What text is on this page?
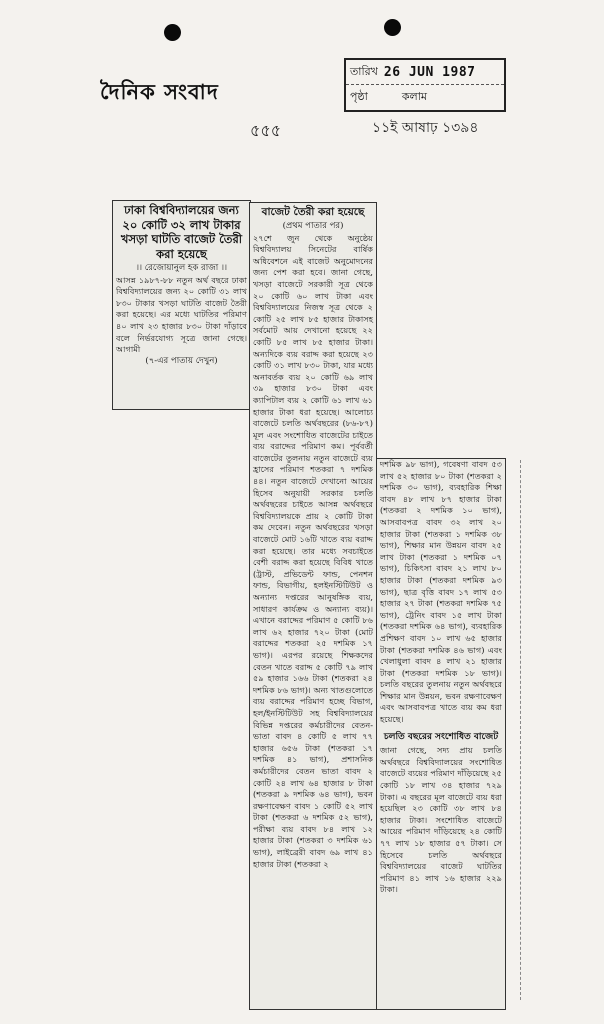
দৈনিক সংবাদ
তারিখ 26 JUN 1987
পৃষ্ঠা	কলাম
৫৫৫	১১ই আষাঢ় ১৩৯৪

ঢাকা বিশ্ববিদ্যালয়ের জন্য ২০ কোটি ৩২ লাখ টাকার খসড়া ঘাটতি বাজেট তৈরী করা হয়েছে

।। রেজোয়ানুল হক রাজা ।।

আসন্ন ১৯৮৭-৮৮ নতুন অর্থ বছরে ঢাকা বিশ্ববিদ্যালয়ের জন্য ২০ কোটি ৩১ লাখ ৮৩০ টাকার খসড়া ঘাটতি বাজেট তৈরী করা হয়েছে। এর মধ্যে ঘাটতির পরিমাণ ৪০ লাখ ২৩ হাজার ৮৩০ টাকা দাঁড়াবে বলে নির্ভরযোগ্য সূত্রে জানা গেছে। আগামী

(৭-এর পাতায় দেখুন)

বাজেট তৈরী করা হয়েছে

(প্রথম পাতার পর)

২৭শে জুন থেকে অনুষ্ঠেয় বিশ্ববিদ্যালয় সিনেটের বার্ষিক অধিবেশনে এই বাজেট অনুমোদনের জন্য পেশ করা হবে। জানা গেছে, খসড়া বাজেটে সরকারী সূত্র থেকে ২০ কোটি ৬০ লাখ টাকা এবং বিশ্ববিদ্যালয়ের নিজস্ব সূত্র থেকে ২ কোটি ২৫ লাখ ৮৫ হাজার টাকাসহ সর্বমোট আয় দেখানো হয়েছে ২২ কোটি ৮৫ লাখ ৮৫ হাজার টাকা। অন্যদিকে ব্যয় বরাদ্দ করা হয়েছে ২৩ কোটি ৩১ লাখ ৮৩০ টাকা, যার মধ্যে অনাবর্তক ব্যয় ২০ কোটি ৬৯ লাখ ৩৯ হাজার ৮৩০ টাকা এবং ক্যাপিটাল ব্যয় ২ কোটি ৬১ লাখ ৬১ হাজার টাকা ধরা হয়েছে। আলোচ্য বাজেটে চলতি অর্থবছরের (৮৬-৮৭) মূল এবং সংশোধিত বাজেটের চাইতে ব্যয় বরাদ্দের পরিমাণ কম। পূর্ববর্তী বাজেটের তুলনায় নতুন বাজেটে ব্যয় হ্রাসের পরিমাণ শতকরা ৭ দশমিক ৪৪। নতুন বাজেটে দেখানো আয়ের হিসেব অনুযায়ী সরকার চলতি অর্থবছরের চাইতে আসন্ন অর্থবছরে বিশ্ববিদ্যালয়কে প্রায় ২ কোটি টাকা কম দেবেন। নতুন অর্থবছরের খসড়া বাজেটে মোট ১৬টি খাতে ব্যয় বরাদ্দ করা হয়েছে। তার মধ্যে সবচাইতে বেশী বরাদ্দ করা হয়েছে বিবিধ খাতে (ট্রাস্ট, প্রভিডেন্ট ফান্ড, পেনশন ফান্ড, বিভাগীয়, হলইনস্টিটিউট ও অন্যান্য দপ্তরের আনুষঙ্গিক ব্যয়, সাধারণ কার্যক্রম ও অন্যান্য ব্যয়)। এখানে বরাদ্দের পরিমাণ ৫ কোটি ৮৬ লাখ ৬২ হাজার ৭২০ টাকা (মোট বরাদ্দের শতকরা ২৫ দশমিক ১৭ ভাগ)। এরপর রয়েছে শিক্ষকদের বেতন খাতে বরাদ্দ ৫ কোটি ৭৯ লাখ ৫৯ হাজার ১৬৬ টাকা (শতকরা ২৪ দশমিক ৮৬ ভাগ)। অন্য খাতগুলোতে ব্যয় বরাদ্দের পরিমাণ হচ্ছে বিভাগ, হল/ইনস্টিটিউট সহ বিশ্ববিদ্যালয়ের বিভিন্ন দপ্তরের কর্মচারীদের বেতন-ভাতা বাবদ ৪ কোটি ৫ লাখ ৭৭ হাজার ৬৫৬ টাকা (শতকরা ১৭ দশমিক ৪১ ভাগ), প্রশাসনিক কর্মচারীদের বেতন ভাতা বাবদ ২ কোটি ২৪ লাখ ৬৪ হাজার ৮ টাকা (শতকরা ৯ দশমিক ৬৪ ভাগ), ভবন রক্ষণাবেক্ষণ বাবদ ১ কোটি ৫২ লাখ টাকা (শতকরা ৬ দশমিক ৫২ ভাগ), পরীক্ষা ব্যয় বাবদ ৮৪ লাখ ১২ হাজার টাকা (শতকরা ৩ দশমিক ৬১ ভাগ), লাইব্রেরী বাবদ ৬৯ লাখ ৪১ হাজার টাকা (শতকরা ২

দশমিক ৯৮ ভাগ), গবেষণা বাবদ ৫৩ লাখ ৫২ হাজার ৮০ টাকা (শতকরা ২ দশমিক ৩০ ভাগ), ব্যবহারিক শিক্ষা বাবদ ৪৮ লাখ ৮৭ হাজার টাকা (শতকরা ২ দশমিক ১০ ভাগ), আসবাবপত্র বাবদ ৩২ লাখ ২০ হাজার টাকা (শতকরা ১ দশমিক ৩৮ ভাগ), শিক্ষার মান উন্নয়ন বাবদ ২৫ লাখ টাকা (শতকরা ১ দশমিক ০৭ ভাগ), চিকিৎসা বাবদ ২১ লাখ ৮০ হাজার টাকা (শতকরা দশমিক ৯৩ ভাগ), ছাত্র বৃত্তি বাবদ ১৭ লাখ ৫৩ হাজার ২৭ টাকা (শতকরা দশমিক ৭৫ ভাগ), ট্রেনিং বাবদ ১৫ লাখ টাকা (শতকরা দশমিক ৬৪ ভাগ), ব্যবহারিক প্রশিক্ষণ বাবদ ১০ লাখ ৬৫ হাজার টাকা (শতকরা দশমিক ৪৬ ভাগ) এবং খেলাধুলা বাবদ ৪ লাখ ২১ হাজার টাকা (শতকরা দশমিক ১৮ ভাগ)। চলতি বছরের তুলনায় নতুন অর্থবছরে শিক্ষার মান উন্নয়ন, ভবন রক্ষণাবেক্ষণ এবং আসবাবপত্র খাতে ব্যয় কম ধরা হয়েছে।

চলতি বছরের সংশোধিত বাজেট

জানা গেছে, সদ্য প্রায় চলতি অর্থবছরে বিশ্ববিদ্যালয়ের সংশোধিত বাজেটে ব্যয়ের পরিমাণ দাঁড়িয়েছে ২৫ কোটি ১৮ লাখ ৩৪ হাজার ৭২৯ টাকা। এ বছরের মূল বাজেটে ব্যয় ধরা হয়েছিল ২৩ কোটি ৩৮ লাখ ৮৪ হাজার টাকা। সংশোধিত বাজেটে আয়ের পরিমাণ দাঁড়িয়েছে ২৪ কোটি ৭৭ লাখ ১৮ হাজার ৫৭ টাকা। সে হিসেবে চলতি অর্থবছরে বিশ্ববিদ্যালয়ের বাজেট ঘাটতির পরিমাণ ৪১ লাখ ১৬ হাজার ২২৯ টাকা।
